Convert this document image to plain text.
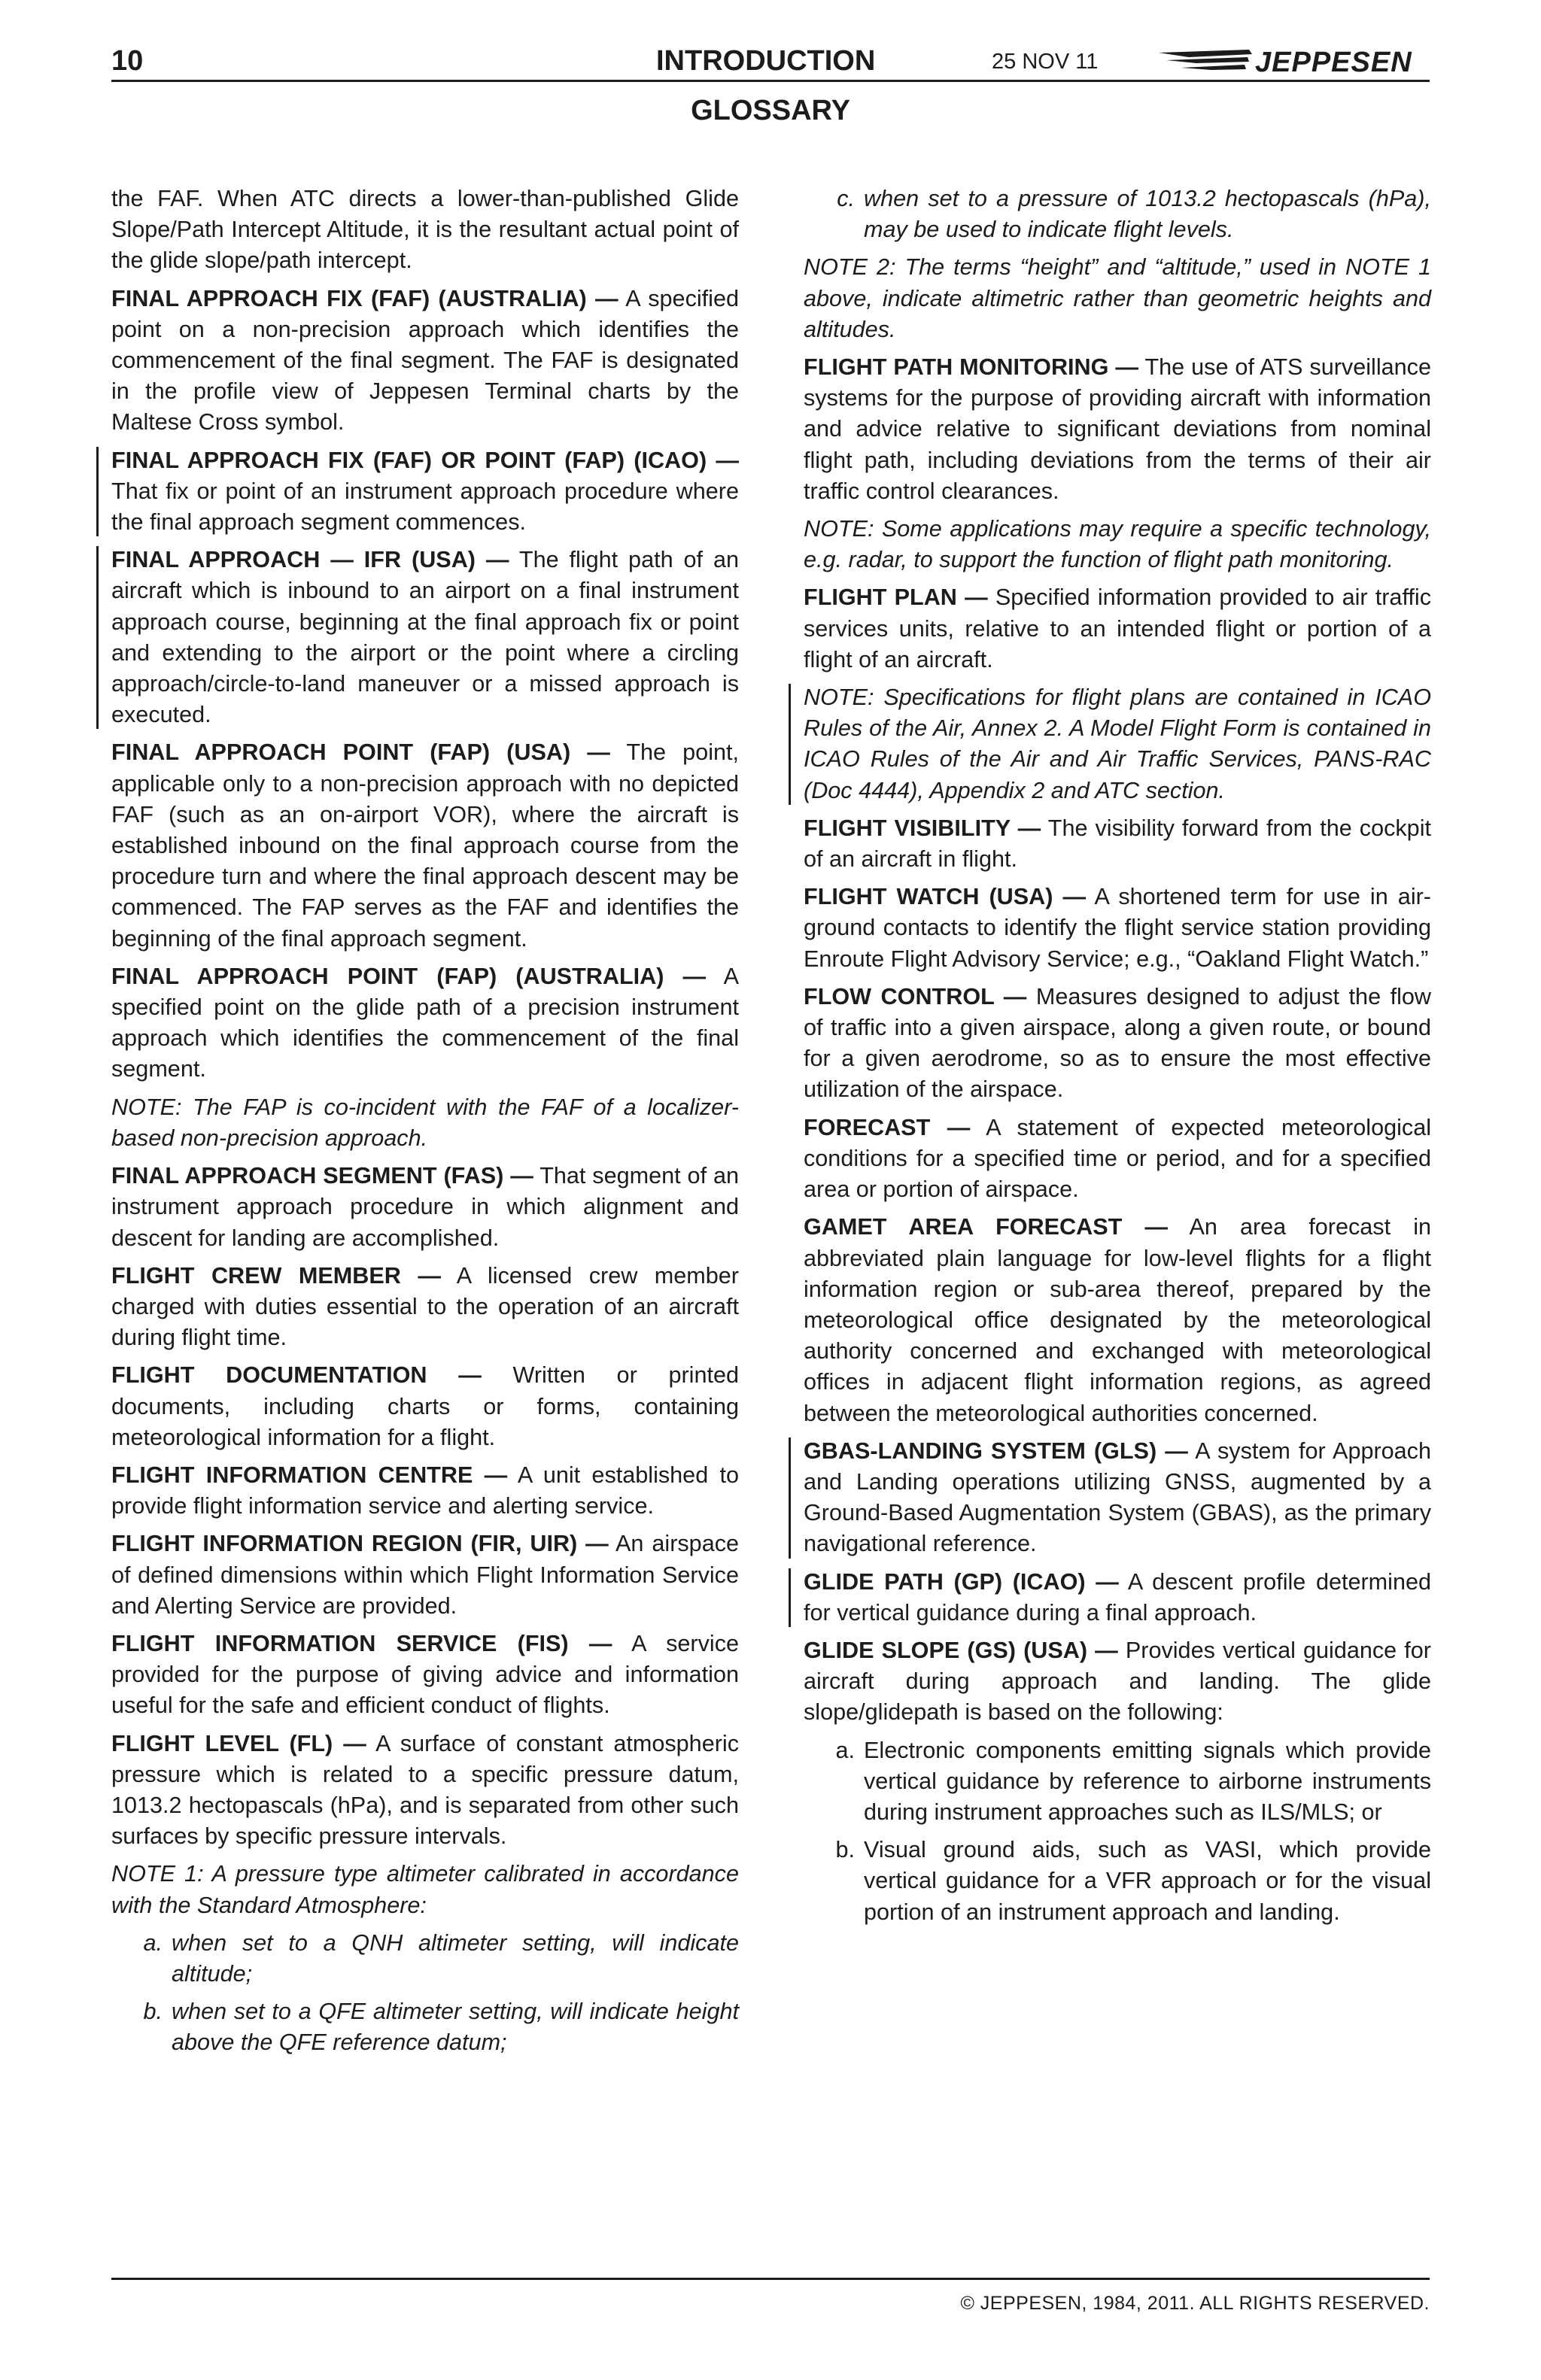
10	INTRODUCTION	25 NOV 11	JEPPESEN
GLOSSARY

the FAF. When ATC directs a lower-than-published Glide Slope/Path Intercept Altitude, it is the resultant actual point of the glide slope/path intercept.

FINAL APPROACH FIX (FAF) (AUSTRALIA) — A specified point on a non-precision approach which identifies the commencement of the final segment. The FAF is designated in the profile view of Jeppesen Terminal charts by the Maltese Cross symbol.

FINAL APPROACH FIX (FAF) OR POINT (FAP) (ICAO) — That fix or point of an instrument approach procedure where the final approach segment commences.

FINAL APPROACH — IFR (USA) — The flight path of an aircraft which is inbound to an airport on a final instrument approach course, beginning at the final approach fix or point and extending to the airport or the point where a circling approach/circle-to-land maneuver or a missed approach is executed.

FINAL APPROACH POINT (FAP) (USA) — The point, applicable only to a non-precision approach with no depicted FAF (such as an on-airport VOR), where the aircraft is established inbound on the final approach course from the procedure turn and where the final approach descent may be commenced. The FAP serves as the FAF and identifies the beginning of the final approach segment.

FINAL APPROACH POINT (FAP) (AUSTRALIA) — A specified point on the glide path of a precision instrument approach which identifies the commencement of the final segment.

NOTE: The FAP is co-incident with the FAF of a localizer-based non-precision approach.

FINAL APPROACH SEGMENT (FAS) — That segment of an instrument approach procedure in which alignment and descent for landing are accomplished.

FLIGHT CREW MEMBER — A licensed crew member charged with duties essential to the operation of an aircraft during flight time.

FLIGHT DOCUMENTATION — Written or printed documents, including charts or forms, containing meteorological information for a flight.

FLIGHT INFORMATION CENTRE — A unit established to provide flight information service and alerting service.

FLIGHT INFORMATION REGION (FIR, UIR) — An airspace of defined dimensions within which Flight Information Service and Alerting Service are provided.

FLIGHT INFORMATION SERVICE (FIS) — A service provided for the purpose of giving advice and information useful for the safe and efficient conduct of flights.

FLIGHT LEVEL (FL) — A surface of constant atmospheric pressure which is related to a specific pressure datum, 1013.2 hectopascals (hPa), and is separated from other such surfaces by specific pressure intervals.

NOTE 1: A pressure type altimeter calibrated in accordance with the Standard Atmosphere:

a. when set to a QNH altimeter setting, will indicate altitude;
b. when set to a QFE altimeter setting, will indicate height above the QFE reference datum;
c. when set to a pressure of 1013.2 hectopascals (hPa), may be used to indicate flight levels.

NOTE 2: The terms “height” and “altitude,” used in NOTE 1 above, indicate altimetric rather than geometric heights and altitudes.

FLIGHT PATH MONITORING — The use of ATS surveillance systems for the purpose of providing aircraft with information and advice relative to significant deviations from nominal flight path, including deviations from the terms of their air traffic control clearances.

NOTE: Some applications may require a specific technology, e.g. radar, to support the function of flight path monitoring.

FLIGHT PLAN — Specified information provided to air traffic services units, relative to an intended flight or portion of a flight of an aircraft.

NOTE: Specifications for flight plans are contained in ICAO Rules of the Air, Annex 2. A Model Flight Form is contained in ICAO Rules of the Air and Air Traffic Services, PANS-RAC (Doc 4444), Appendix 2 and ATC section.

FLIGHT VISIBILITY — The visibility forward from the cockpit of an aircraft in flight.

FLIGHT WATCH (USA) — A shortened term for use in air-ground contacts to identify the flight service station providing Enroute Flight Advisory Service; e.g., “Oakland Flight Watch.”

FLOW CONTROL — Measures designed to adjust the flow of traffic into a given airspace, along a given route, or bound for a given aerodrome, so as to ensure the most effective utilization of the airspace.

FORECAST — A statement of expected meteorological conditions for a specified time or period, and for a specified area or portion of airspace.

GAMET AREA FORECAST — An area forecast in abbreviated plain language for low-level flights for a flight information region or sub-area thereof, prepared by the meteorological office designated by the meteorological authority concerned and exchanged with meteorological offices in adjacent flight information regions, as agreed between the meteorological authorities concerned.

GBAS-LANDING SYSTEM (GLS) — A system for Approach and Landing operations utilizing GNSS, augmented by a Ground-Based Augmentation System (GBAS), as the primary navigational reference.

GLIDE PATH (GP) (ICAO) — A descent profile determined for vertical guidance during a final approach.

GLIDE SLOPE (GS) (USA) — Provides vertical guidance for aircraft during approach and landing. The glide slope/glidepath is based on the following:

a. Electronic components emitting signals which provide vertical guidance by reference to airborne instruments during instrument approaches such as ILS/MLS; or
b. Visual ground aids, such as VASI, which provide vertical guidance for a VFR approach or for the visual portion of an instrument approach and landing.
© JEPPESEN, 1984, 2011. ALL RIGHTS RESERVED.
